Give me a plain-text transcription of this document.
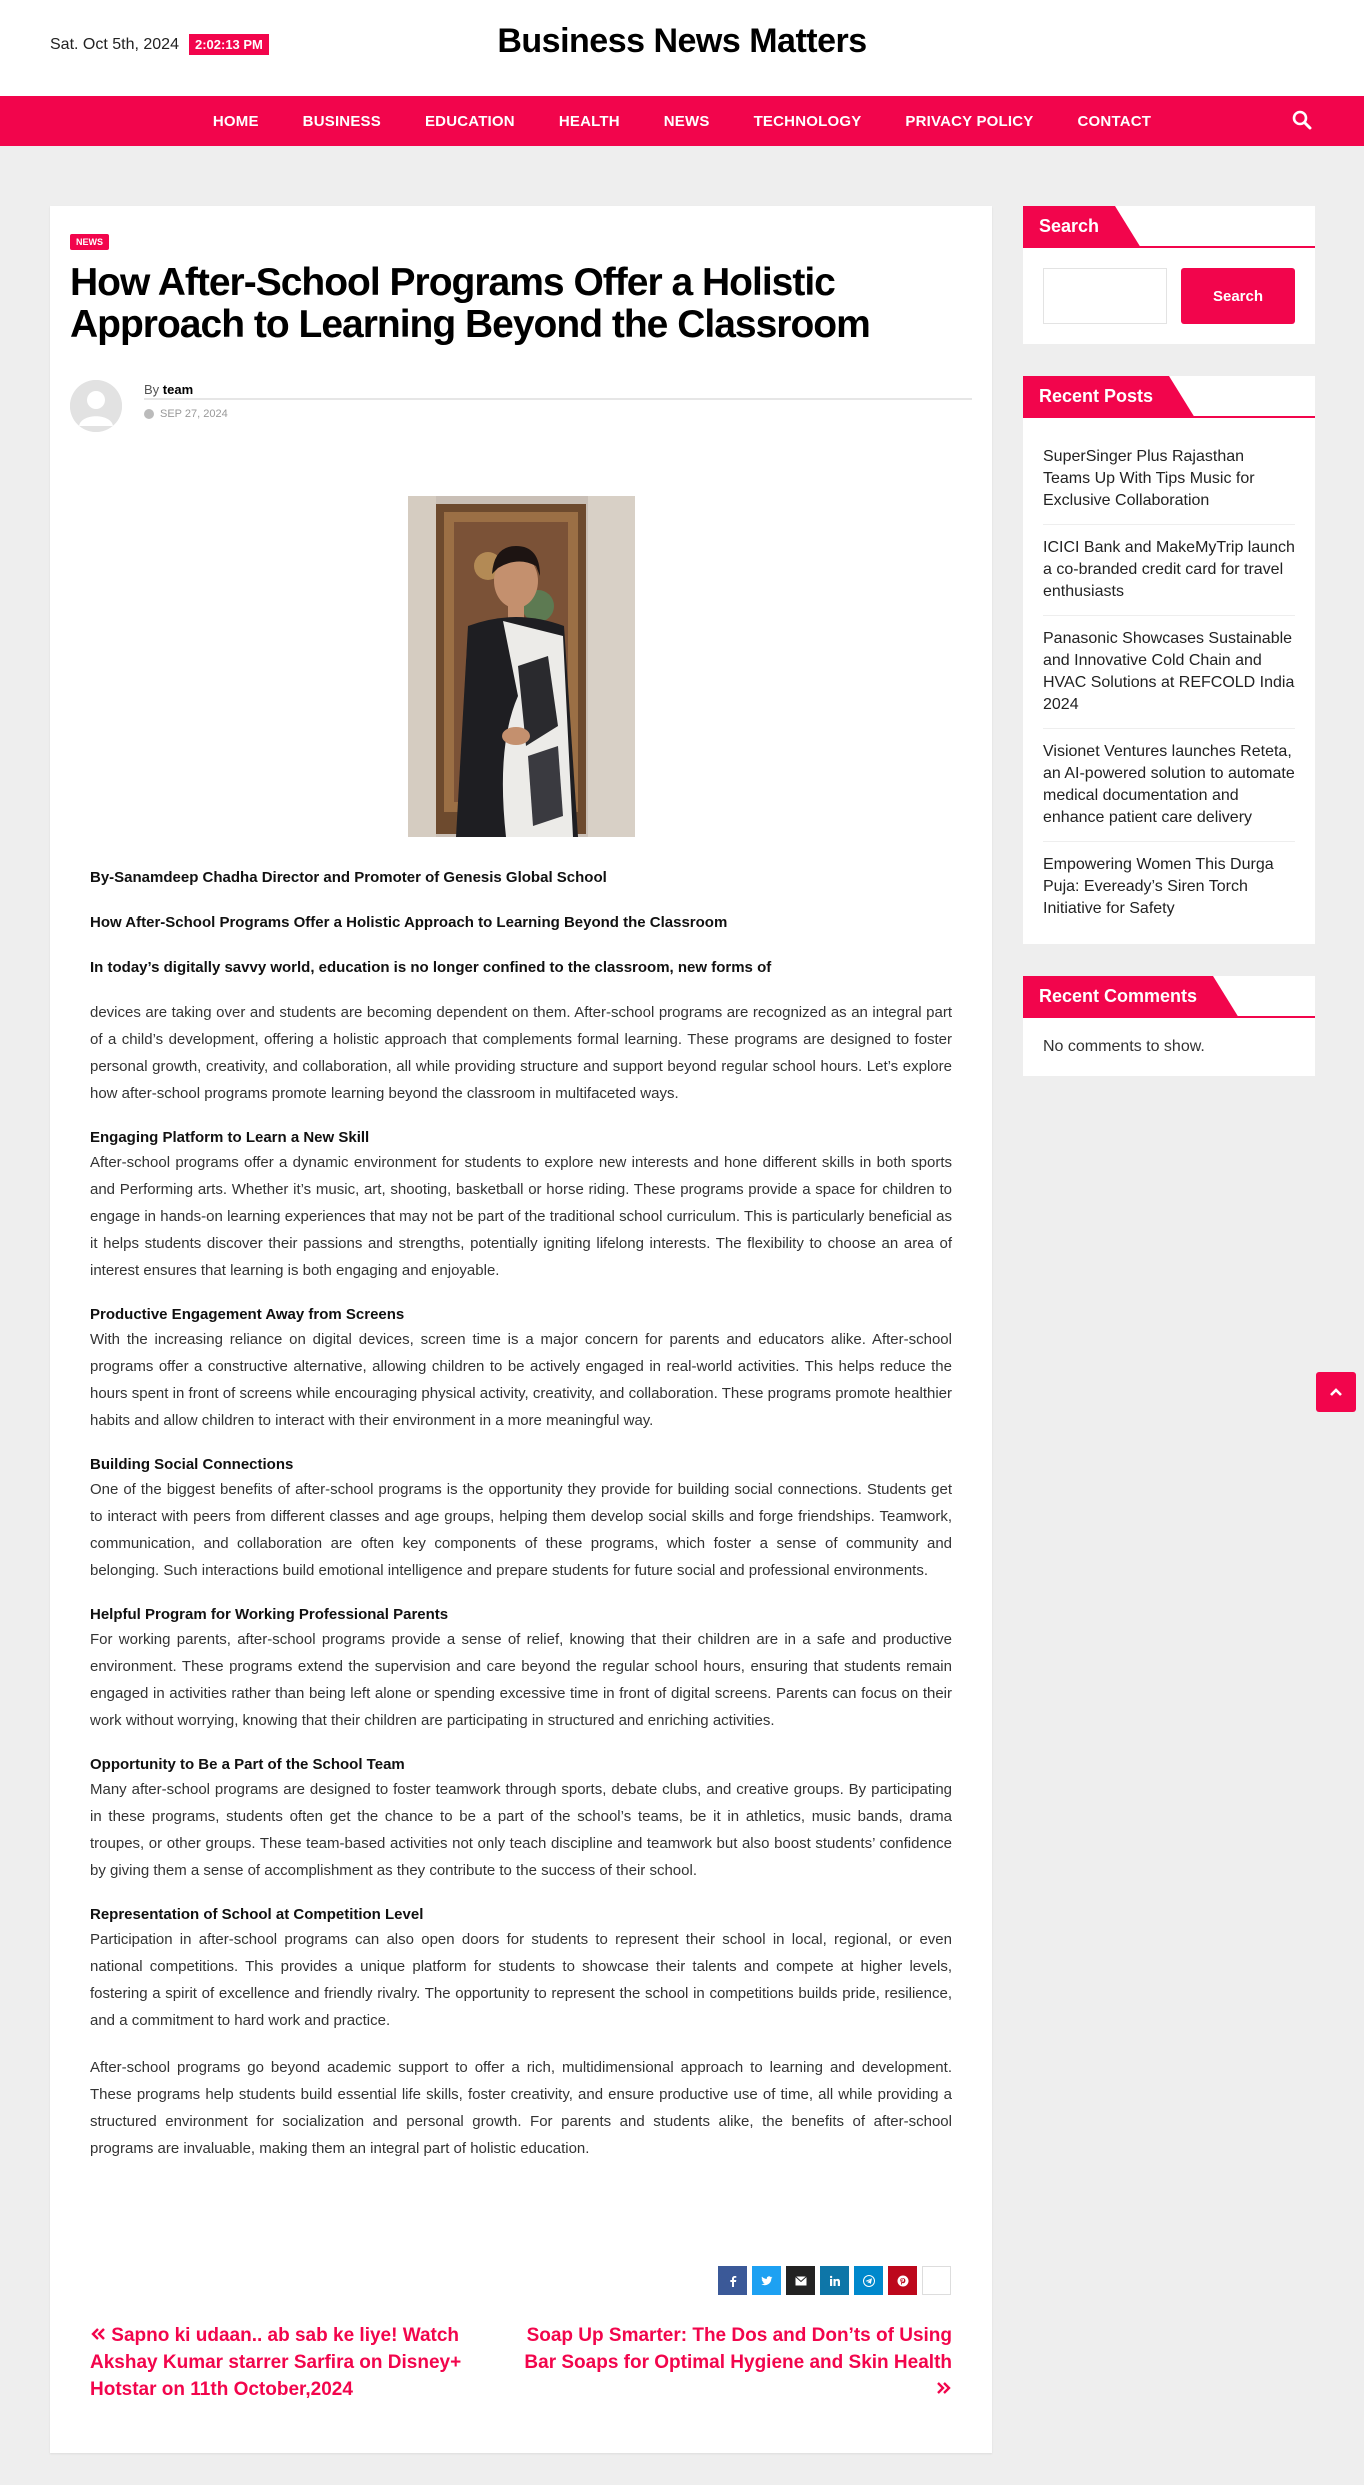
Sat. Oct 5th, 2024	2:02:13 PM	Business News Matters
HOME	BUSINESS	EDUCATION	HEALTH	NEWS	TECHNOLOGY	PRIVACY POLICY	CONTACT
NEWS
How After-School Programs Offer a Holistic Approach to Learning Beyond the Classroom
By team
SEP 27, 2024

By-Sanamdeep Chadha Director and Promoter of Genesis Global School

How After-School Programs Offer a Holistic Approach to Learning Beyond the Classroom

In today’s digitally savvy world, education is no longer confined to the classroom, new forms of

devices are taking over and students are becoming dependent on them. After-school programs are recognized as an integral part of a child’s development, offering a holistic approach that complements formal learning. These programs are designed to foster personal growth, creativity, and collaboration, all while providing structure and support beyond regular school hours. Let’s explore how after-school programs promote learning beyond the classroom in multifaceted ways.

Engaging Platform to Learn a New Skill

After-school programs offer a dynamic environment for students to explore new interests and hone different skills in both sports and Performing arts. Whether it’s music, art, shooting, basketball or horse riding. These programs provide a space for children to engage in hands-on learning experiences that may not be part of the traditional school curriculum. This is particularly beneficial as it helps students discover their passions and strengths, potentially igniting lifelong interests. The flexibility to choose an area of interest ensures that learning is both engaging and enjoyable.

Productive Engagement Away from Screens

With the increasing reliance on digital devices, screen time is a major concern for parents and educators alike. After-school programs offer a constructive alternative, allowing children to be actively engaged in real-world activities. This helps reduce the hours spent in front of screens while encouraging physical activity, creativity, and collaboration. These programs promote healthier habits and allow children to interact with their environment in a more meaningful way.

Building Social Connections

One of the biggest benefits of after-school programs is the opportunity they provide for building social connections. Students get to interact with peers from different classes and age groups, helping them develop social skills and forge friendships. Teamwork, communication, and collaboration are often key components of these programs, which foster a sense of community and belonging. Such interactions build emotional intelligence and prepare students for future social and professional environments.

Helpful Program for Working Professional Parents

For working parents, after-school programs provide a sense of relief, knowing that their children are in a safe and productive environment. These programs extend the supervision and care beyond the regular school hours, ensuring that students remain engaged in activities rather than being left alone or spending excessive time in front of digital screens. Parents can focus on their work without worrying, knowing that their children are participating in structured and enriching activities.

Opportunity to Be a Part of the School Team

Many after-school programs are designed to foster teamwork through sports, debate clubs, and creative groups. By participating in these programs, students often get the chance to be a part of the school’s teams, be it in athletics, music bands, drama troupes, or other groups. These team-based activities not only teach discipline and teamwork but also boost students’ confidence by giving them a sense of accomplishment as they contribute to the success of their school.

Representation of School at Competition Level

Participation in after-school programs can also open doors for students to represent their school in local, regional, or even national competitions. This provides a unique platform for students to showcase their talents and compete at higher levels, fostering a spirit of excellence and friendly rivalry. The opportunity to represent the school in competitions builds pride, resilience, and a commitment to hard work and practice.

After-school programs go beyond academic support to offer a rich, multidimensional approach to learning and development. These programs help students build essential life skills, foster creativity, and ensure productive use of time, all while providing a structured environment for socialization and personal growth. For parents and students alike, the benefits of after-school programs are invaluable, making them an integral part of holistic education.

Sapno ki udaan.. ab sab ke liye! Watch Akshay Kumar starrer Sarfira on Disney+ Hotstar on 11th October,2024
Soap Up Smarter: The Dos and Don’ts of Using Bar Soaps for Optimal Hygiene and Skin Health
Search
Search
Recent Posts
SuperSinger Plus Rajasthan Teams Up With Tips Music for Exclusive Collaboration
ICICI Bank and MakeMyTrip launch a co-branded credit card for travel enthusiasts
Panasonic Showcases Sustainable and Innovative Cold Chain and HVAC Solutions at REFCOLD India 2024
Visionet Ventures launches Reteta, an AI-powered solution to automate medical documentation and enhance patient care delivery
Empowering Women This Durga Puja: Eveready’s Siren Torch Initiative for Safety
Recent Comments
No comments to show.
